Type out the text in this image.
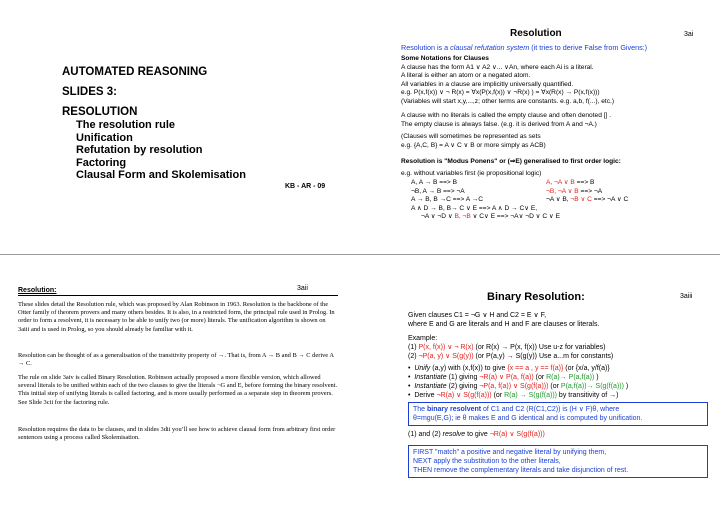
AUTOMATED REASONING
SLIDES 3:
RESOLUTION
The resolution rule
Unification
Refutation by resolution
Factoring
Clausal Form and Skolemisation
KB - AR - 09
Resolution	3ai
Resolution is a clausal refutation system (it tries to derive False from Givens:)
Some Notations for Clauses
A clause has the form A1 ∨ A2 ∨... ∨An, where each Ai is a literal.
A literal is either an atom or a negated atom.
All variables in a clause are implicitly universally quantified.
e.g. P(x,f(x)) ∨ ¬ R(x) = ∀x(P(x,f(x)) ∨ ¬R(x) ) = ∀x(R(x) → P(x,f(x)))
(Variables will start x,y,...,z; other terms are constants. e.g. a,b, f(...), etc.)
A clause with no literals is called the empty clause and often denoted [] .
The empty clause is always false. (e.g. it is derived from A and ¬A.)
(Clauses will sometimes be represented as sets
e.g. {A,C, B} = A ∨ C ∨ B or more simply as ACB)
Resolution is "Modus Ponens" or (⇒E) generalised to first order logic:
e.g. without variables first (ie propositional logic)
A, A → B ==> B	A, ¬A ∨ B ==> B
¬B, A → B ==> ¬A	¬B, ¬A ∨ B ==> ¬A
A → B, B →C ==> A →C	¬A ∨ B, ¬B ∨ C ==> ¬A ∨ C
A ∧ D → B, B→ C ∨ E ==> A ∧ D → C∨ E,
¬A ∨ ¬D ∨ B, ¬B ∨ C∨ E ==> ¬A∨ ¬D ∨ C ∨ E
Resolution:	3aii
These slides detail the Resolution rule, which was proposed by Alan Robinson in 1963. Resolution is the backbone of the Otter family of theorem provers and many others besides. It is also, in a restricted form, the principal rule used in Prolog. In order to form a resolvent, it is necessary to be able to unify two (or more) literals. The unification algorithm is shown on 3aiii and is used in Prolog, so you should already be familiar with it.
Resolution can be thought of as a generalisation of the transitivity property of →. That is, from A → B and B → C derive A → C.
The rule on slide 3aiv is called Binary Resolution. Robinson actually proposed a more flexible version, which allowed several literals to be unified within each of the two clauses to give the literals ¬G and E, before forming the binary resolvent. This initial step of unifying literals is called factoring, and is more usually performed as a separate step in theorem provers. See Slide 3cii for the factoring rule.
Resolution requires the data to be clauses, and in slides 3dii you’ll see how to achieve clausal form from arbitrary first order sentences using a process called Skolemisation.
Binary Resolution:	3aiii
Given clauses C1 = ¬G ∨ H and C2 = E ∨ F,
where E and G are literals and H and F are clauses or literals.
Example:
(1) P(x, f(x)) ∨ ¬ R(x) (or R(x) → P(x, f(x)) Use u-z for variables)
(2) ¬P(a, y) ∨ S(g(y)) (or P(a,y) → S(g(y)) Use a...m for constants)
•  Unify (a,y) with (x,f(x)) to give {x == a , y == f(a)} (or {x/a, y/f(a)}
•  Instantiate (1) giving ¬R(a) ∨ P(a, f(a)) (or R(a)→ P(a,f(a)) )
•  Instantiate (2) giving ¬P(a, f(a)) ∨ S(g(f(a))) (or P(a,f(a))→ S(g(f(a))) )
•  Derive ¬R(a) ∨ S(g(f(a))) (or R(a) → S(g(f(a))) by transitivity of →)
The binary resolvent of C1 and C2 (R(C1,C2)) is (H ∨ F)θ, where
θ=mgu(E,G); ie θ makes E and G identical and is computed by unification.
(1) and (2) resolve to give ¬R(a) ∨ S(g(f(a)))
FIRST "match" a positive and negative literal by unifying them,
NEXT apply the substitution to the other literals,
THEN remove the complementary literals and take disjunction of rest.
